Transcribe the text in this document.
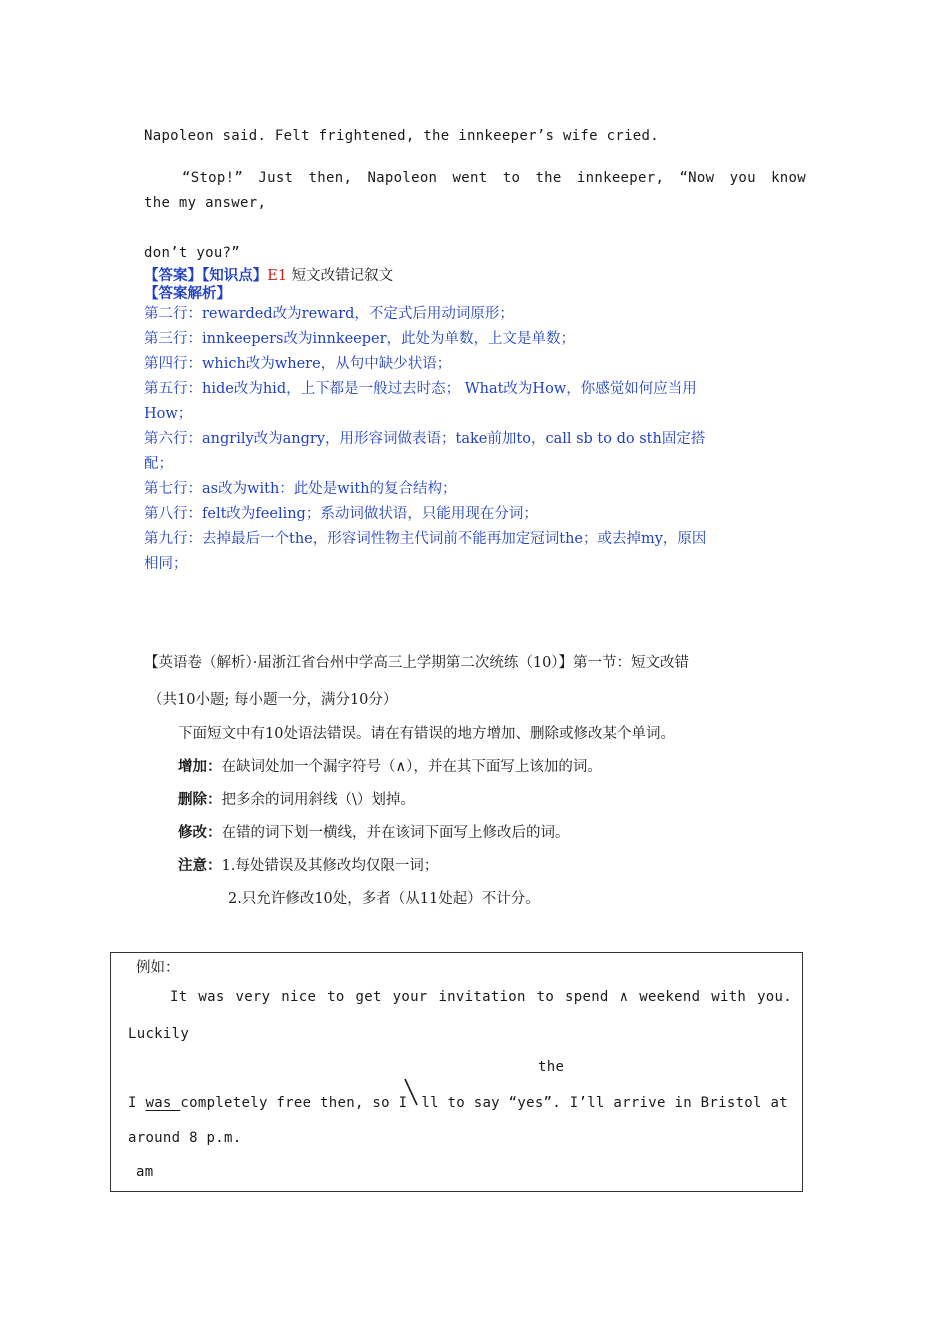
Napoleon said. Felt frightened, the innkeeper’s wife cried.
“Stop!” Just then, Napoleon went to the innkeeper, “Now you know
the my answer,
don’t you?”
【答案】【知识点】E1 短文改错记叙文
【答案解析】
第二行：rewarded改为reward，不定式后用动词原形；
第三行：innkeepers改为innkeeper，此处为单数，上文是单数；
第四行：which改为where，从句中缺少状语；
第五行：hide改为hid，上下都是一般过去时态； What改为How，你感觉如何应当用
How；
第六行：angrily改为angry，用形容词做表语；take前加to，call sb to do sth固定搭
配；
第七行：as改为with：此处是with的复合结构；
第八行：felt改为feeling；系动词做状语，只能用现在分词；
第九行：去掉最后一个the，形容词性物主代词前不能再加定冠词the；或去掉my，原因
相同；
【英语卷（解析）·届浙江省台州中学高三上学期第二次统练（10）】第一节：短文改错
（共10小题; 每小题一分，满分10分）
下面短文中有10处语法错误。请在有错误的地方增加、删除或修改某个单词。
增加：在缺词处加一个漏字符号（∧），并在其下面写上该加的词。
删除：把多余的词用斜线（\）划掉。
修改：在错的词下划一横线，并在该词下面写上修改后的词。
注意：1.每处错误及其修改均仅限一词；
2.只允许修改10处，多者（从11处起）不计分。
例如：
It was very nice to get your invitation to spend ∧ weekend with you.
Luckily
the
I was completely free then, so I ll to say “yes”. I’ll arrive in Bristol at
around 8 p.m.
am
